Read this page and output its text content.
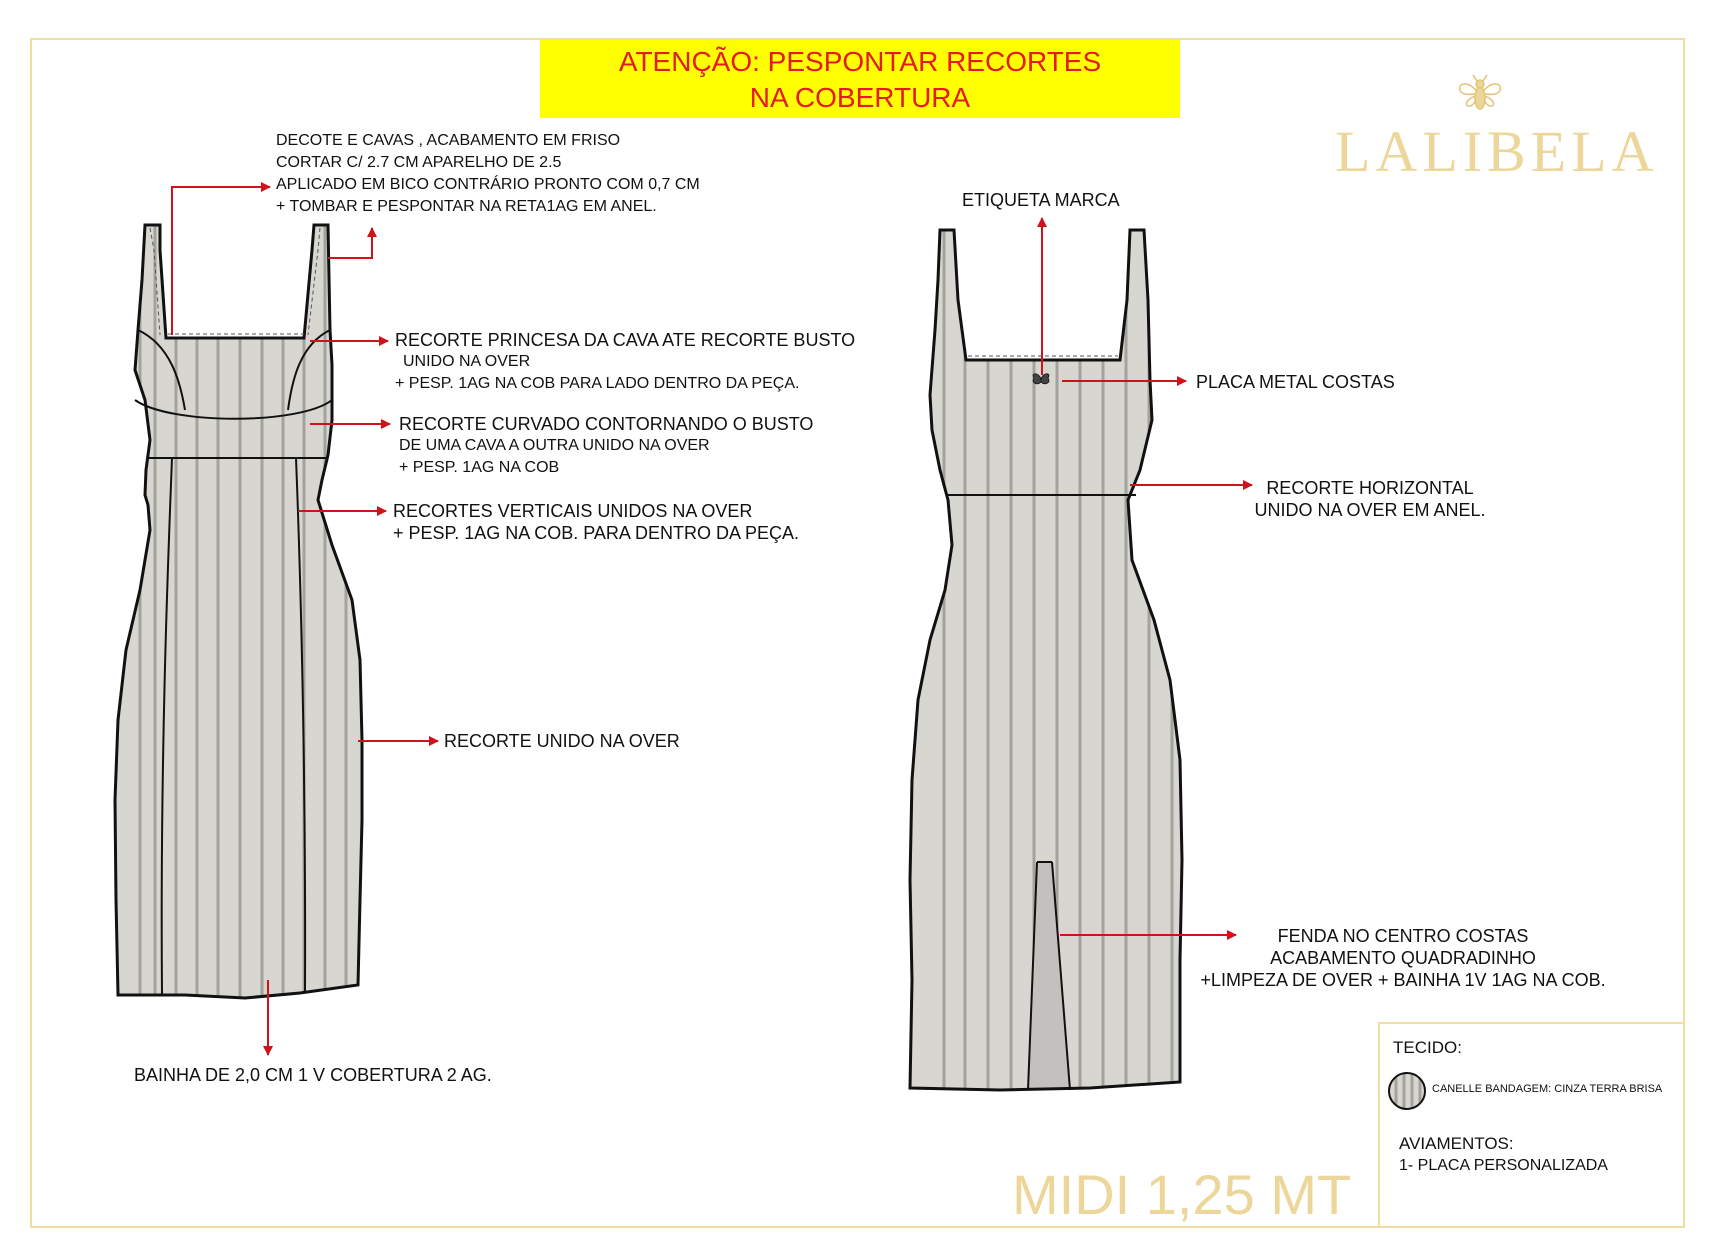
ATENÇÃO: PESPONTAR RECORTES
NA COBERTURA
LALIBELA
DECOTE E CAVAS , ACABAMENTO EM FRISO
CORTAR C/ 2.7 CM APARELHO DE 2.5
APLICADO EM BICO CONTRÁRIO PRONTO COM 0,7 CM
+ TOMBAR E PESPONTAR NA RETA1AG EM ANEL.
RECORTE PRINCESA DA CAVA ATE RECORTE BUSTO
UNIDO NA OVER
+ PESP. 1AG NA COB PARA LADO DENTRO DA PEÇA.
RECORTE CURVADO CONTORNANDO O BUSTO
DE UMA CAVA A OUTRA UNIDO NA OVER
+ PESP. 1AG NA COB
RECORTES VERTICAIS UNIDOS NA OVER
+ PESP. 1AG NA COB. PARA DENTRO DA PEÇA.
RECORTE UNIDO NA OVER
BAINHA DE 2,0 CM 1 V COBERTURA 2 AG.
ETIQUETA MARCA
PLACA METAL COSTAS
RECORTE HORIZONTAL
UNIDO NA OVER EM ANEL.
FENDA NO CENTRO COSTAS
ACABAMENTO QUADRADINHO
+LIMPEZA DE OVER + BAINHA 1V 1AG NA COB.
TECIDO:
CANELLE BANDAGEM: CINZA TERRA BRISA
AVIAMENTOS:
1- PLACA PERSONALIZADA
MIDI 1,25 MT
